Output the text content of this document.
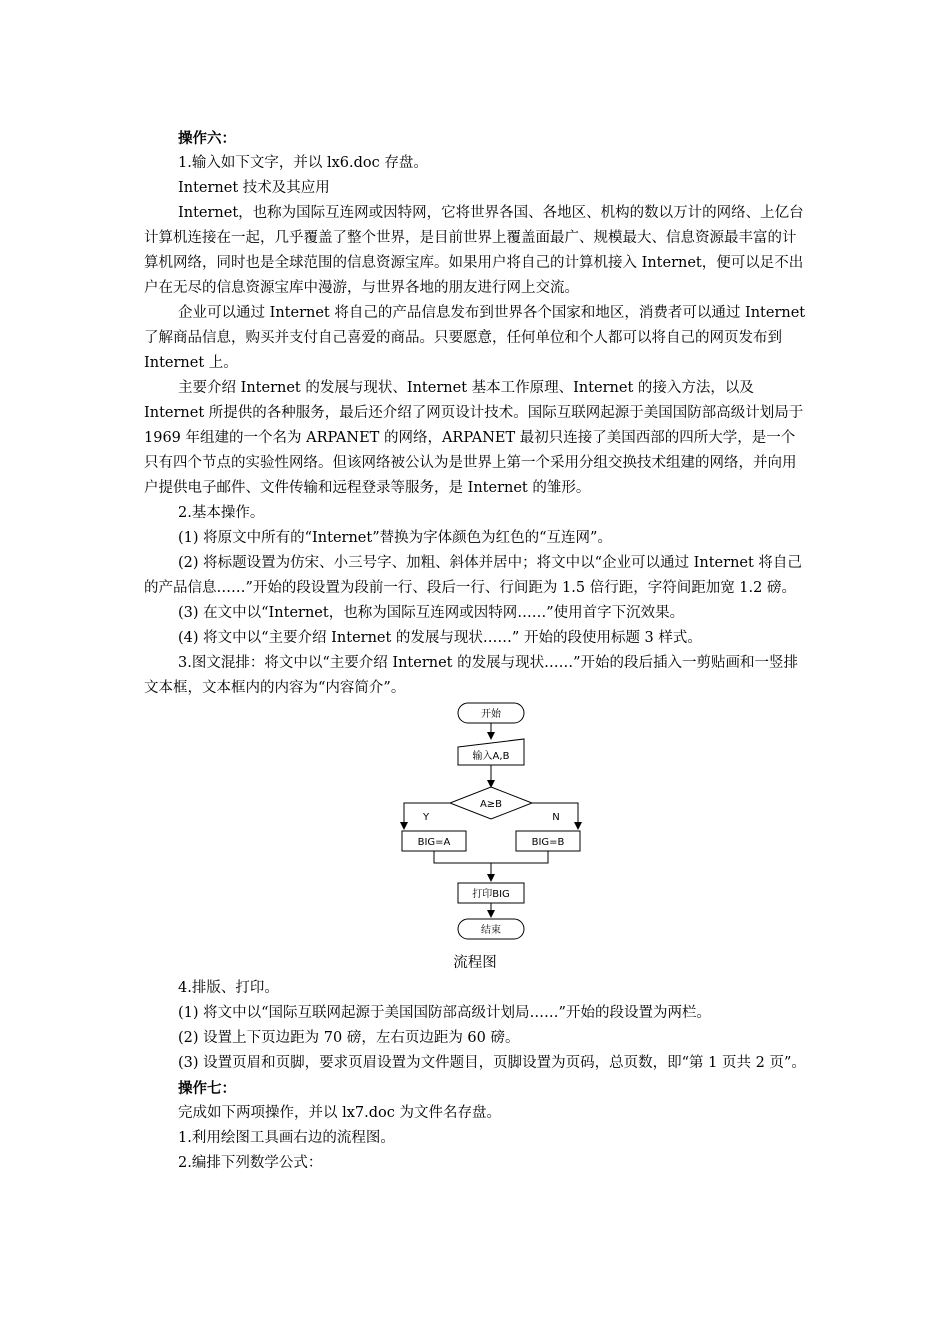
操作六：

1.输入如下文字，并以 lx6.doc 存盘。

Internet 技术及其应用

Internet，也称为国际互连网或因特网，它将世界各国、各地区、机构的数以万计的网络、上亿台计算机连接在一起，几乎覆盖了整个世界，是目前世界上覆盖面最广、规模最大、信息资源最丰富的计算机网络，同时也是全球范围的信息资源宝库。如果用户将自己的计算机接入 Internet，便可以足不出户在无尽的信息资源宝库中漫游，与世界各地的朋友进行网上交流。

企业可以通过 Internet 将自己的产品信息发布到世界各个国家和地区，消费者可以通过 Internet 了解商品信息，购买并支付自己喜爱的商品。只要愿意，任何单位和个人都可以将自己的网页发布到 Internet 上。

主要介绍 Internet 的发展与现状、Internet 基本工作原理、Internet 的接入方法，以及 Internet 所提供的各种服务，最后还介绍了网页设计技术。国际互联网起源于美国国防部高级计划局于 1969 年组建的一个名为 ARPANET 的网络，ARPANET 最初只连接了美国西部的四所大学，是一个只有四个节点的实验性网络。但该网络被公认为是世界上第一个采用分组交换技术组建的网络，并向用户提供电子邮件、文件传输和远程登录等服务，是 Internet 的雏形。

2.基本操作。

(1) 将原文中所有的“Internet”替换为字体颜色为红色的“互连网”。

(2) 将标题设置为仿宋、小三号字、加粗、斜体并居中；将文中以“企业可以通过 Internet 将自己的产品信息……”开始的段设置为段前一行、段后一行、行间距为 1.5 倍行距，字符间距加宽 1.2 磅。

(3) 在文中以“Internet，也称为国际互连网或因特网……”使用首字下沉效果。

(4) 将文中以“主要介绍 Internet 的发展与现状……” 开始的段使用标题 3 样式。

3.图文混排：将文中以“主要介绍 Internet 的发展与现状……”开始的段后插入一剪贴画和一竖排文本框，文本框内的内容为“内容简介”。

开始
输入A,B
A≥B
Y	N
BIG=A	BIG=B
打印BIG
结束

流程图

4.排版、打印。

(1) 将文中以“国际互联网起源于美国国防部高级计划局……”开始的段设置为两栏。

(2) 设置上下页边距为 70 磅，左右页边距为 60 磅。

(3) 设置页眉和页脚，要求页眉设置为文件题目，页脚设置为页码，总页数，即“第 1 页共 2 页”。

操作七：

完成如下两项操作，并以 lx7.doc 为文件名存盘。

1.利用绘图工具画右边的流程图。

2.编排下列数学公式：
